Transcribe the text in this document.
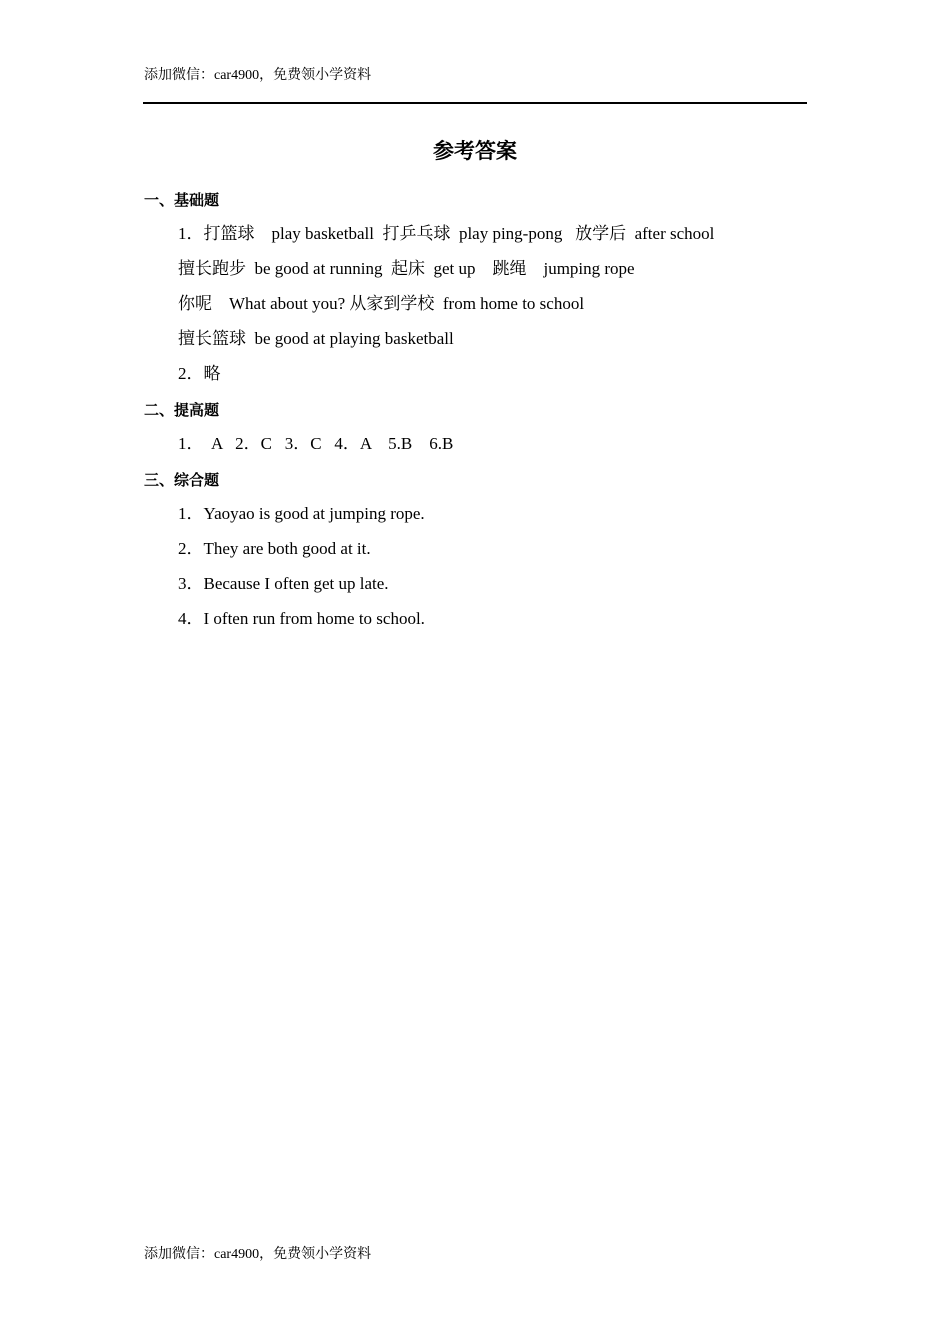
添加微信：car4900，免费领小学资料
参考答案
一、基础题
1．打篮球    play basketball  打乒乓球  play ping-pong   放学后  after school
擅长跑步  be good at running  起床  get up    跳绳    jumping rope
你呢    What about you? 从家到学校  from home to school
擅长篮球  be good at playing basketball
2．略
二、提高题
1．  A   2．C   3．C   4．A    5.B    6.B
三、综合题
1．Yaoyao is good at jumping rope.
2．They are both good at it.
3．Because I often get up late.
4．I often run from home to school.
添加微信：car4900，免费领小学资料
